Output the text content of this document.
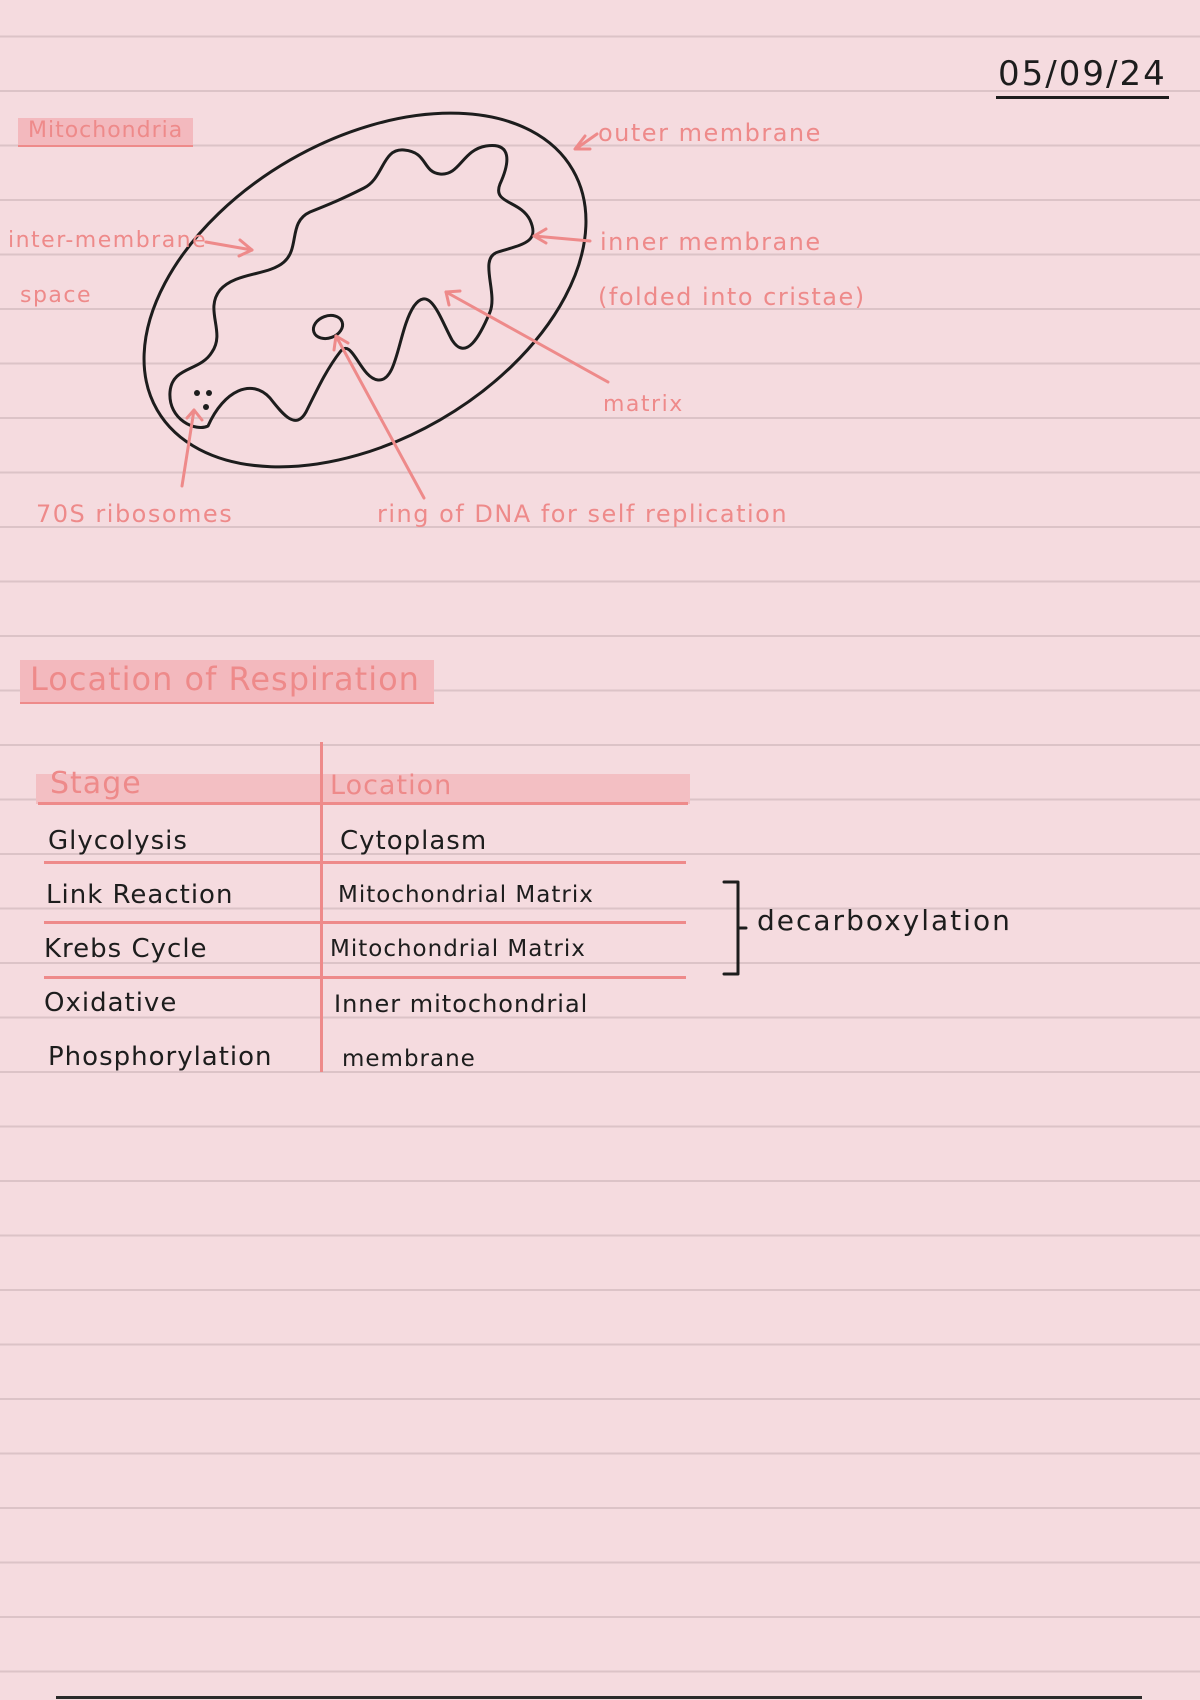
05/09/24
Mitochondria	outer membrane
inner membrane
(folded into cristae)
inter-membrane
space
matrix
70S ribosomes	ring of DNA for self replication
Location of Respiration
Stage	Location
Glycolysis	Cytoplasm
Link Reaction	Mitochondrial Matrix
Krebs Cycle	Mitochondrial Matrix
Oxidative	Inner mitochondrial
Phosphorylation	membrane
decarboxylation
